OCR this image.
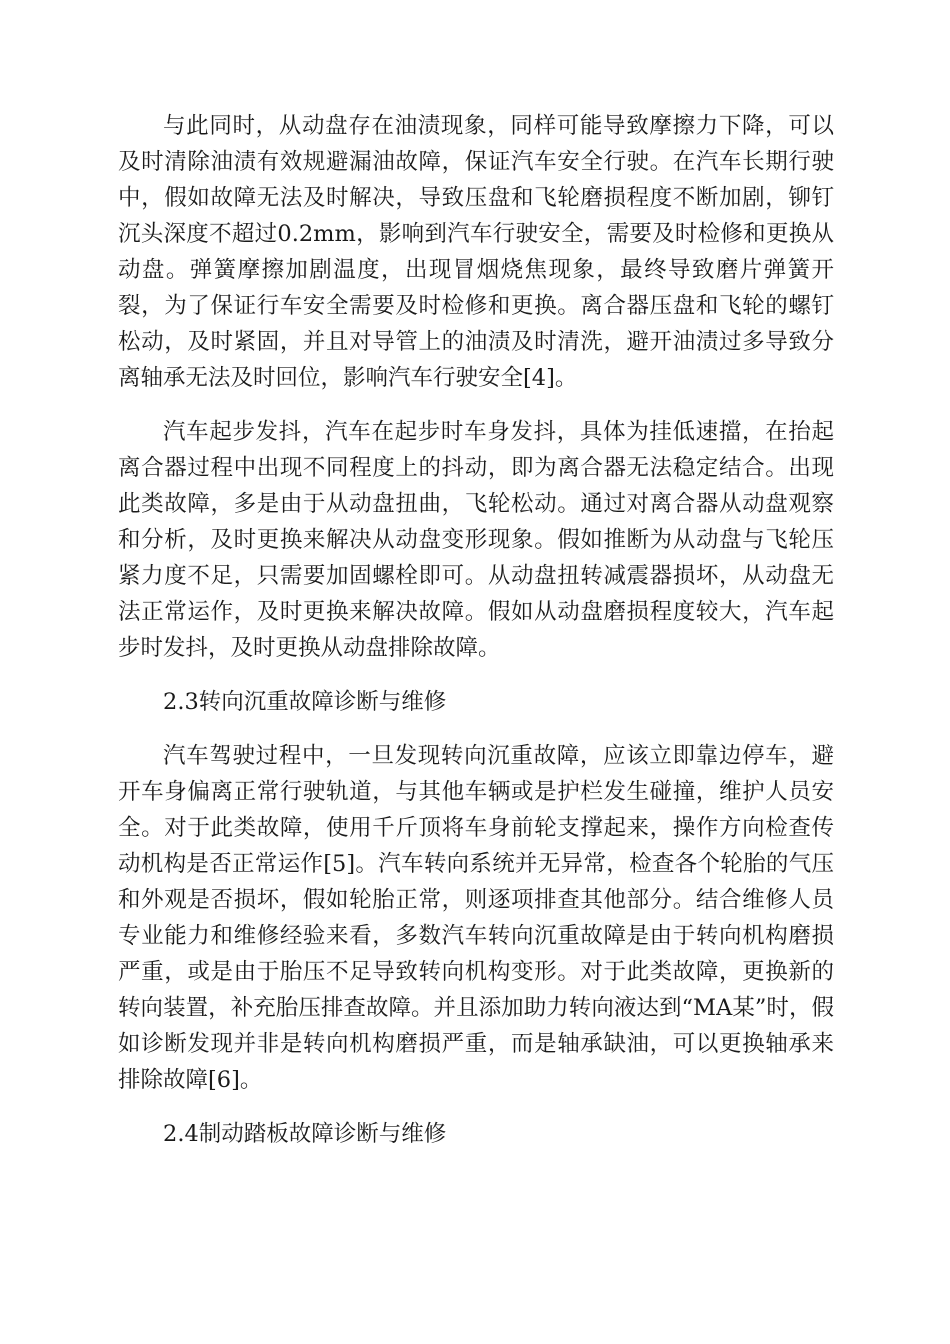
与此同时，从动盘存在油渍现象，同样可能导致摩擦力下降，可以及时清除油渍有效规避漏油故障，保证汽车安全行驶。在汽车长期行驶中，假如故障无法及时解决，导致压盘和飞轮磨损程度不断加剧，铆钉沉头深度不超过0.2mm，影响到汽车行驶安全，需要及时检修和更换从动盘。弹簧摩擦加剧温度，出现冒烟烧焦现象，最终导致磨片弹簧开裂，为了保证行车安全需要及时检修和更换。离合器压盘和飞轮的螺钉松动，及时紧固，并且对导管上的油渍及时清洗，避开油渍过多导致分离轴承无法及时回位，影响汽车行驶安全[4]。

汽车起步发抖，汽车在起步时车身发抖，具体为挂低速擋，在抬起离合器过程中出现不同程度上的抖动，即为离合器无法稳定结合。出现此类故障，多是由于从动盘扭曲，飞轮松动。通过对离合器从动盘观察和分析，及时更换来解决从动盘变形现象。假如推断为从动盘与飞轮压紧力度不足，只需要加固螺栓即可。从动盘扭转减震器损坏，从动盘无法正常运作，及时更换来解决故障。假如从动盘磨损程度较大，汽车起步时发抖，及时更换从动盘排除故障。

2.3转向沉重故障诊断与维修

汽车驾驶过程中，一旦发现转向沉重故障，应该立即靠边停车，避开车身偏离正常行驶轨道，与其他车辆或是护栏发生碰撞，维护人员安全。对于此类故障，使用千斤顶将车身前轮支撑起来，操作方向检查传动机构是否正常运作[5]。汽车转向系统并无异常，检查各个轮胎的气压和外观是否损坏，假如轮胎正常，则逐项排查其他部分。结合维修人员专业能力和维修经验来看，多数汽车转向沉重故障是由于转向机构磨损严重，或是由于胎压不足导致转向机构变形。对于此类故障，更换新的转向装置，补充胎压排查故障。并且添加助力转向液达到“MA某”时，假如诊断发现并非是转向机构磨损严重，而是轴承缺油，可以更换轴承来排除故障[6]。

2.4制动踏板故障诊断与维修
